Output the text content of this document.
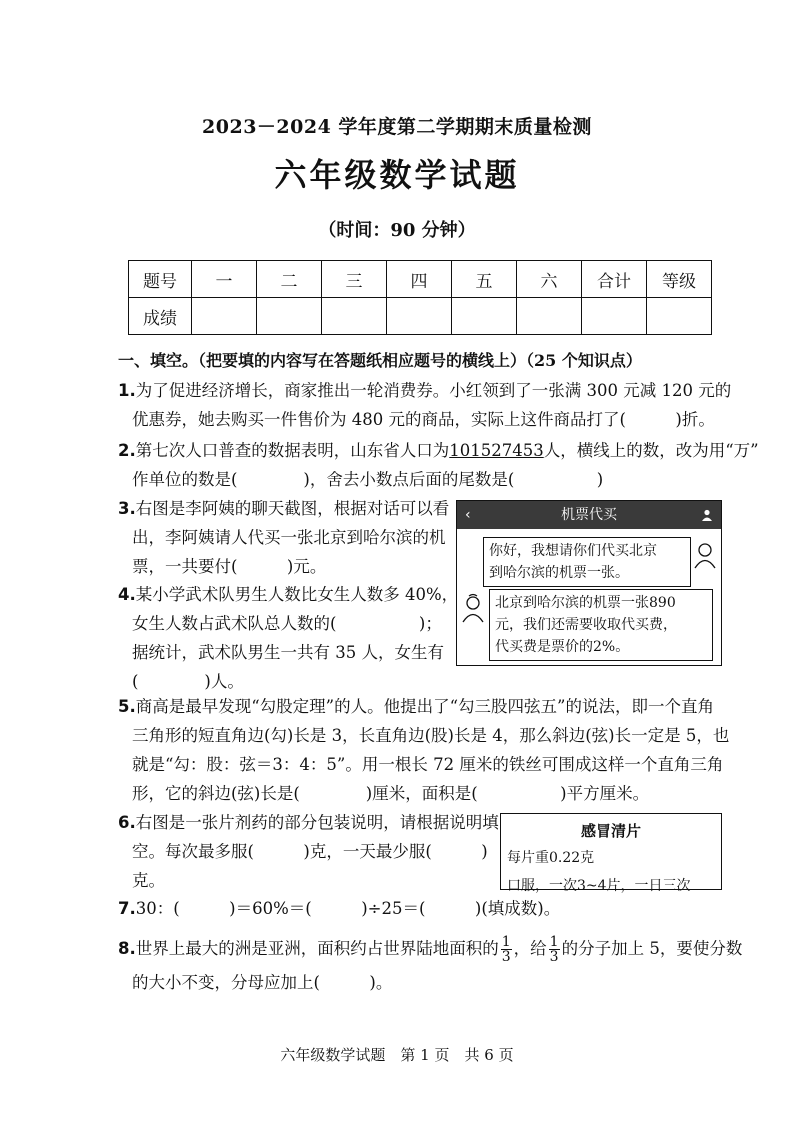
2023－2024 学年度第二学期期末质量检测
六年级数学试题
（时间：90 分钟）
题号	一	二	三	四	五	六	合计	等级
成绩								
一、填空。（把要填的内容写在答题纸相应题号的横线上）（25 个知识点）
1.为了促进经济增长，商家推出一轮消费券。小红领到了一张满 300 元减 120 元的
优惠券，她去购买一件售价为 480 元的商品，实际上这件商品打了(　　　)折。
2.第七次人口普查的数据表明，山东省人口为101527453人，横线上的数，改为用“万”
作单位的数是(　　　　)，舍去小数点后面的尾数是(　　　　　)
3.右图是李阿姨的聊天截图，根据对话可以看
出，李阿姨请人代买一张北京到哈尔滨的机
票，一共要付(　　　)元。
‹	机票代买
你好，我想请你们代买北京
到哈尔滨的机票一张。
北京到哈尔滨的机票一张890
元，我们还需要收取代买费，
代买费是票价的2%。
4.某小学武术队男生人数比女生人数多 40%，
女生人数占武术队总人数的(　　　　　)；
据统计，武术队男生一共有 35 人，女生有
(　　　　)人。
5.商高是最早发现“勾股定理”的人。他提出了“勾三股四弦五”的说法，即一个直角
三角形的短直角边(勾)长是 3，长直角边(股)长是 4，那么斜边(弦)长一定是 5，也
就是“勾：股：弦＝3：4：5”。用一根长 72 厘米的铁丝可围成这样一个直角三角
形，它的斜边(弦)长是(　　　　)厘米，面积是(　　　　　)平方厘米。
6.右图是一张片剂药的部分包装说明，请根据说明填
空。每次最多服(　　　)克，一天最少服(　　　)
克。
感冒清片
每片重0.22克
口服，一次3~4片，一日三次
7.30：(　　　)＝60%＝(　　　)÷25＝(　　　)(填成数)。
8.世界上最大的洲是亚洲，面积约占世界陆地面积的 $\frac{1}{3}$ ，给 $\frac{1}{3}$ 的分子加上 5，要使分数
的大小不变，分母应加上(　　　)。
六年级数学试题　第 1 页　共 6 页
